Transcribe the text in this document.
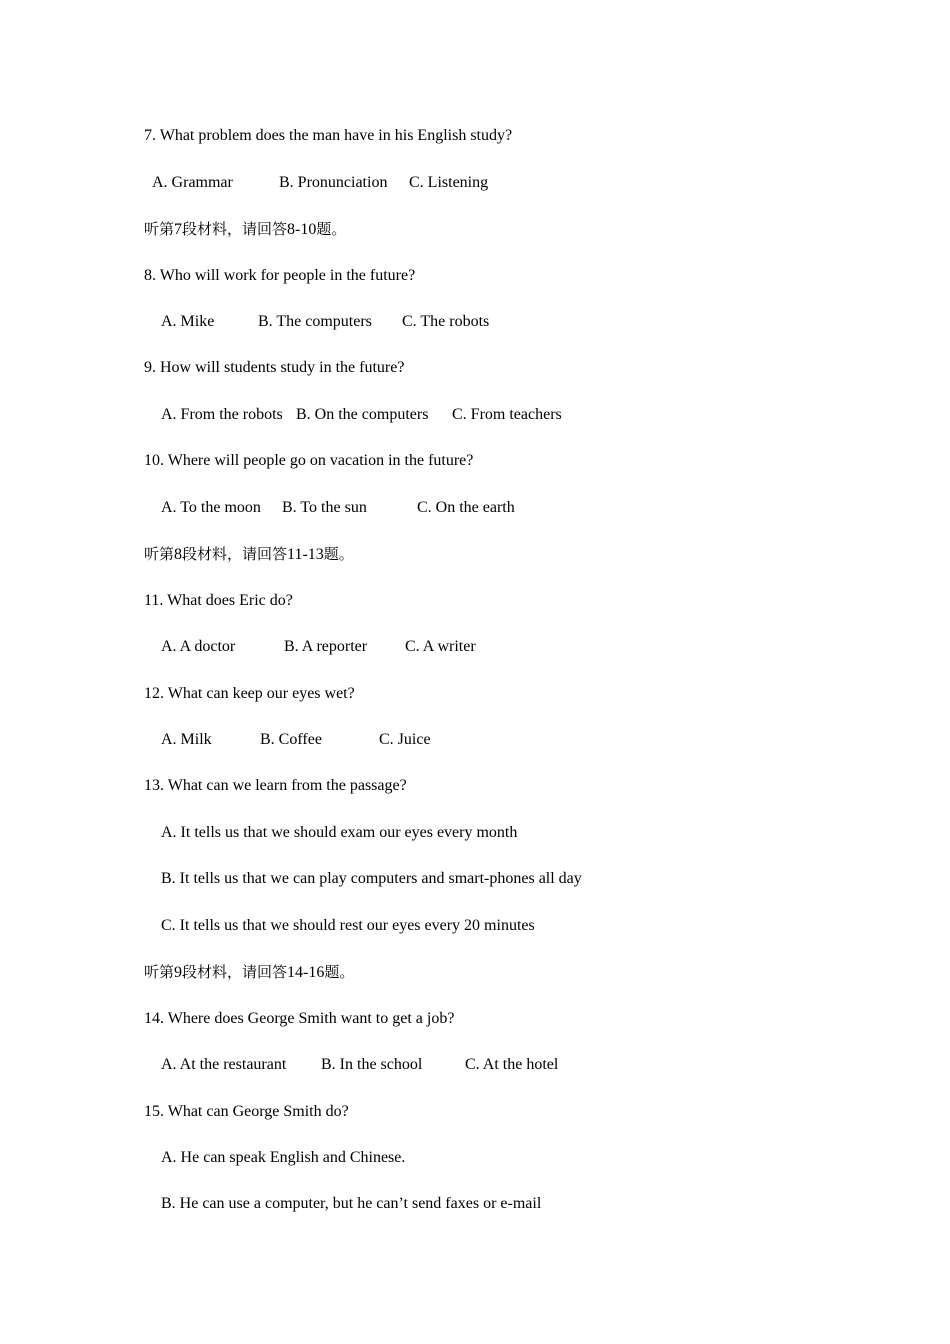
7. What problem does the man have in his English study?
A. Grammar	B. Pronunciation C. Listening
听第7段材料，请回答8-10题。
8. Who will work for people in the future?
A. Mike	B. The computers C. The robots
9. How will students study in the future?
A. From the robots B. On the computers C. From teachers
10. Where will people go on vacation in the future?
A. To the moon B. To the sun	C. On the earth
听第8段材料，请回答11-13题。
11. What does Eric do?
A. A doctor	B. A reporter C. A writer
12. What can keep our eyes wet?
A. Milk	B. Coffee	C. Juice
13. What can we learn from the passage?
A. It tells us that we should exam our eyes every month
B. It tells us that we can play computers and smart-phones all day
C. It tells us that we should rest our eyes every 20 minutes
听第9段材料，请回答14-16题。
14. Where does George Smith want to get a job?
A. At the restaurant B. In the school	C. At the hotel
15. What can George Smith do?
A. He can speak English and Chinese.
B. He can use a computer, but he can’t send faxes or e-mail
